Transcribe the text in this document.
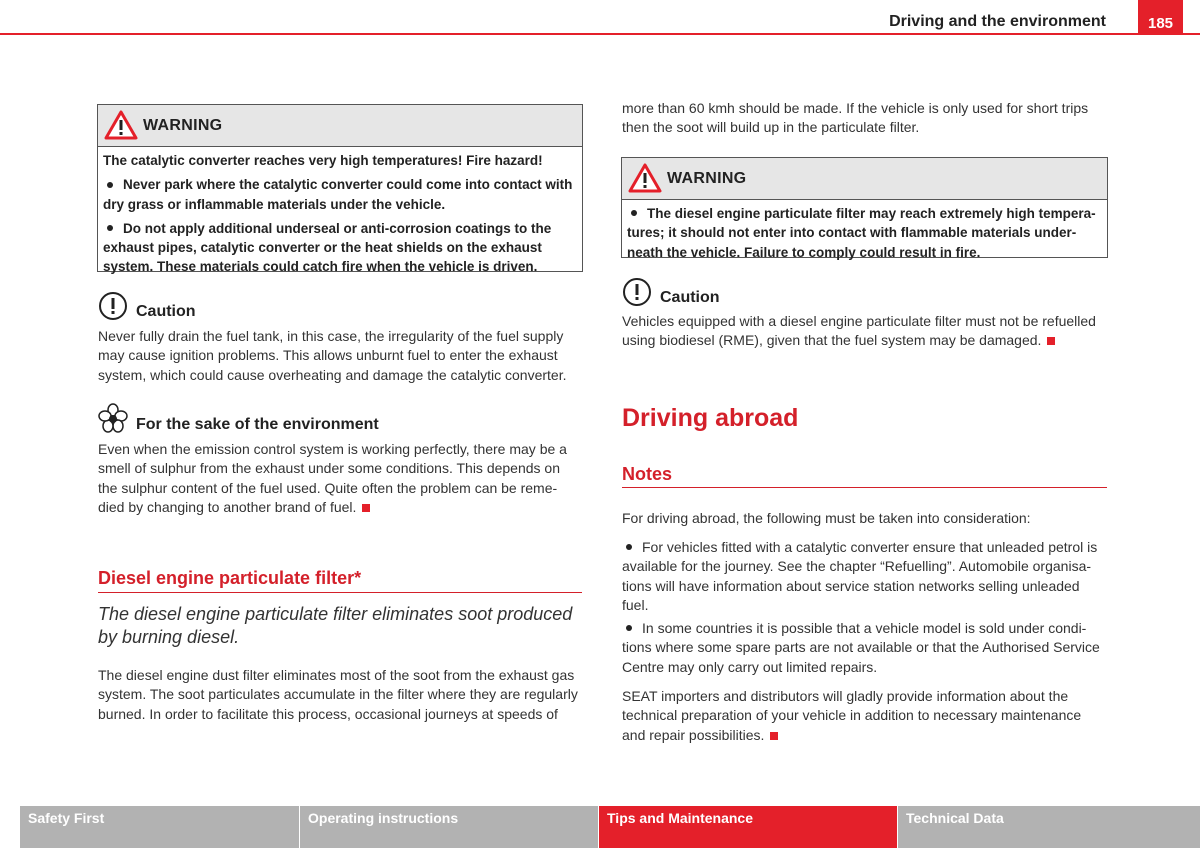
Driving and the environment	185
WARNING

The catalytic converter reaches very high temperatures! Fire hazard!

Never park where the catalytic converter could come into contact with dry grass or inflammable materials under the vehicle.

Do not apply additional underseal or anti-corrosion coatings to the exhaust pipes, catalytic converter or the heat shields on the exhaust system. These materials could catch fire when the vehicle is driven.

Caution

Never fully drain the fuel tank, in this case, the irregularity of the fuel supply may cause ignition problems. This allows unburnt fuel to enter the exhaust system, which could cause overheating and damage the catalytic converter.

For the sake of the environment

Even when the emission control system is working perfectly, there may be a smell of sulphur from the exhaust under some conditions. This depends on the sulphur content of the fuel used. Quite often the problem can be reme-died by changing to another brand of fuel.

Diesel engine particulate filter*

The diesel engine particulate filter eliminates soot produced by burning diesel.

The diesel engine dust filter eliminates most of the soot from the exhaust gas system. The soot particulates accumulate in the filter where they are regularly burned. In order to facilitate this process, occasional journeys at speeds of

more than 60 kmh should be made. If the vehicle is only used for short trips then the soot will build up in the particulate filter.

WARNING

The diesel engine particulate filter may reach extremely high tempera-tures; it should not enter into contact with flammable materials under-neath the vehicle. Failure to comply could result in fire.

Caution

Vehicles equipped with a diesel engine particulate filter must not be refuelled using biodiesel (RME), given that the fuel system may be damaged.

Driving abroad
Notes

For driving abroad, the following must be taken into consideration:

For vehicles fitted with a catalytic converter ensure that unleaded petrol is available for the journey. See the chapter “Refuelling”. Automobile organisa-tions will have information about service station networks selling unleaded fuel.

In some countries it is possible that a vehicle model is sold under condi-tions where some spare parts are not available or that the Authorised Service Centre may only carry out limited repairs.

SEAT importers and distributors will gladly provide information about the technical preparation of your vehicle in addition to necessary maintenance and repair possibilities.

Safety First	Operating instructions	Tips and Maintenance	Technical Data
